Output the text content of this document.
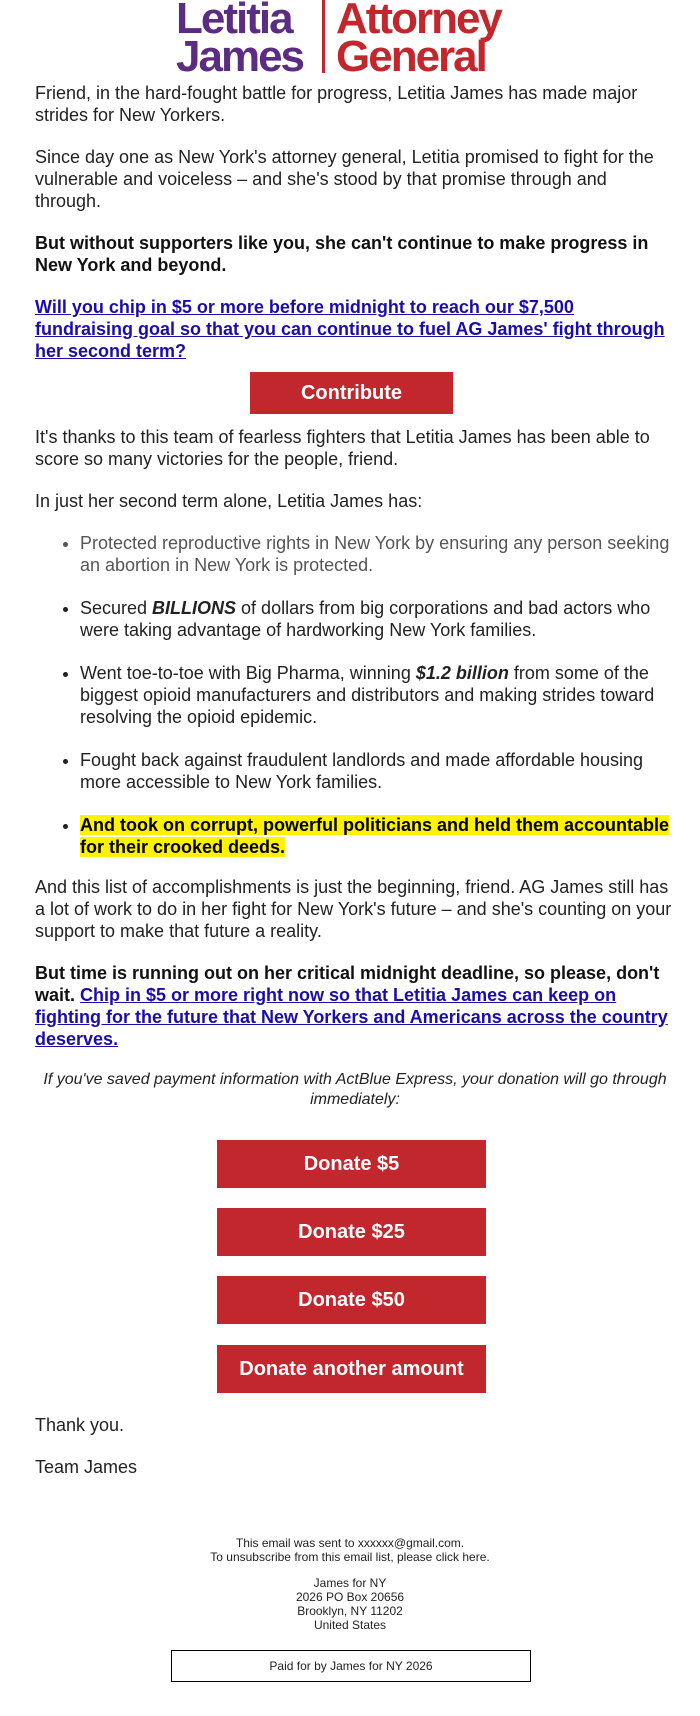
Letitia
James
Attorney
General

Friend, in the hard-fought battle for progress, Letitia James has made major strides for New Yorkers.

Since day one as New York's attorney general, Letitia promised to fight for the vulnerable and voiceless – and she's stood by that promise through and through.

But without supporters like you, she can't continue to make progress in New York and beyond.

Will you chip in $5 or more before midnight to reach our $7,500 fundraising goal so that you can continue to fuel AG James' fight through her second term?

Contribute

It's thanks to this team of fearless fighters that Letitia James has been able to score so many victories for the people, friend.

In just her second term alone, Letitia James has:

• Protected reproductive rights in New York by ensuring any person seeking an abortion in New York is protected.
• Secured BILLIONS of dollars from big corporations and bad actors who were taking advantage of hardworking New York families.
• Went toe-to-toe with Big Pharma, winning $1.2 billion from some of the biggest opioid manufacturers and distributors and making strides toward resolving the opioid epidemic.
• Fought back against fraudulent landlords and made affordable housing more accessible to New York families.
• And took on corrupt, powerful politicians and held them accountable for their crooked deeds.

And this list of accomplishments is just the beginning, friend. AG James still has a lot of work to do in her fight for New York's future – and she's counting on your support to make that future a reality.

But time is running out on her critical midnight deadline, so please, don't wait. Chip in $5 or more right now so that Letitia James can keep on fighting for the future that New Yorkers and Americans across the country deserves.

If you've saved payment information with ActBlue Express, your donation will go through immediately:
Donate $5
Donate $25
Donate $50
Donate another amount

Thank you.

Team James

This email was sent to xxxxxx@gmail.com.
To unsubscribe from this email list, please click here.
James for NY
2026 PO Box 20656
Brooklyn, NY 11202
United States
Paid for by James for NY 2026
